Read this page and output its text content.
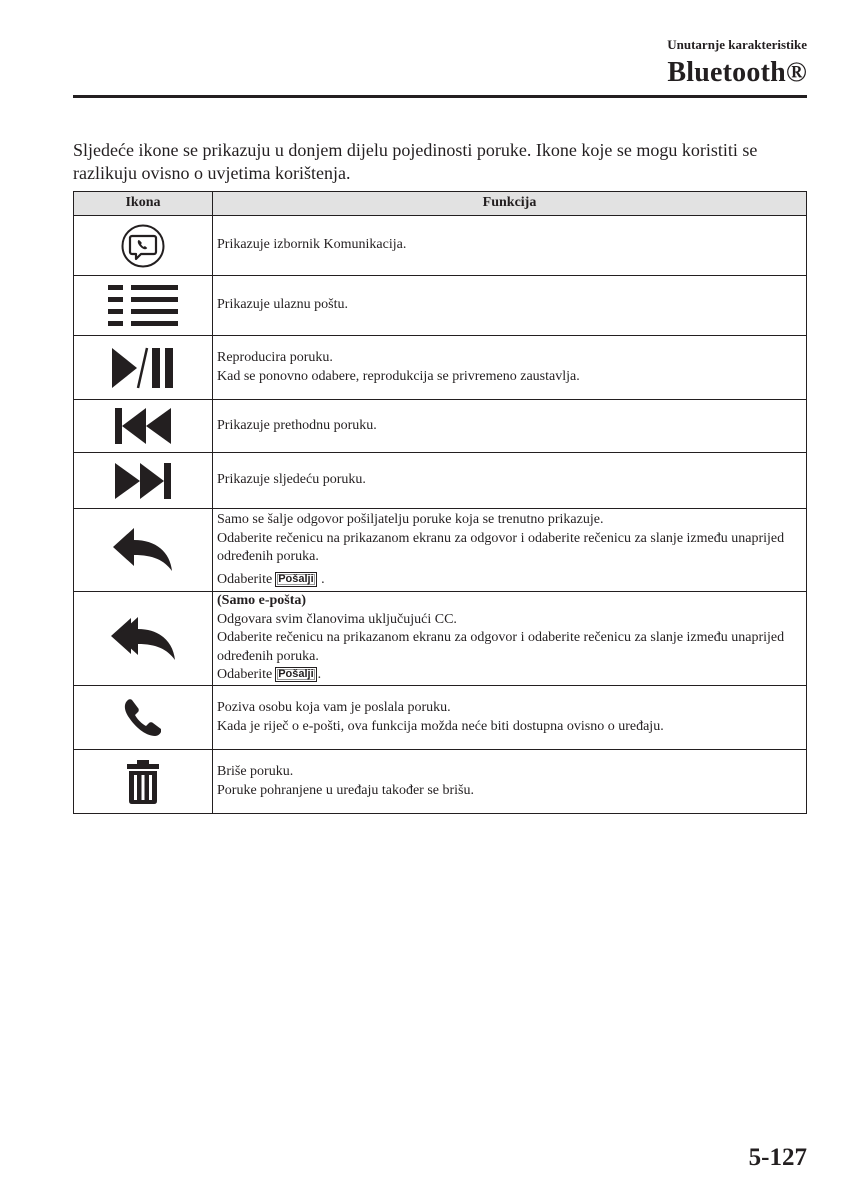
Unutarnje karakteristike
Bluetooth®

Sljedeće ikone se prikazuju u donjem dijelu pojedinosti poruke. Ikone koje se mogu koristiti se razlikuju ovisno o uvjetima korištenja.

Ikona	Funkcija

Prikazuje izbornik Komunikacija.

Prikazuje ulaznu poštu.

Reproducira poruku.
Kad se ponovno odabere, reprodukcija se privremeno zaustavlja.

Prikazuje prethodnu poruku.

Prikazuje sljedeću poruku.

Samo se šalje odgovor pošiljatelju poruke koja se trenutno prikazuje.
Odaberite rečenicu na prikazanom ekranu za odgovor i odaberite rečenicu za slanje između unaprijed određenih poruka.
Odaberite Pošalji .

(Samo e-pošta)
Odgovara svim članovima uključujući CC.
Odaberite rečenicu na prikazanom ekranu za odgovor i odaberite rečenicu za slanje između unaprijed određenih poruka.
Odaberite Pošalji .

Poziva osobu koja vam je poslala poruku.
Kada je riječ o e-pošti, ova funkcija možda neće biti dostupna ovisno o uređaju.

Briše poruku.
Poruke pohranjene u uređaju također se brišu.
5-127
